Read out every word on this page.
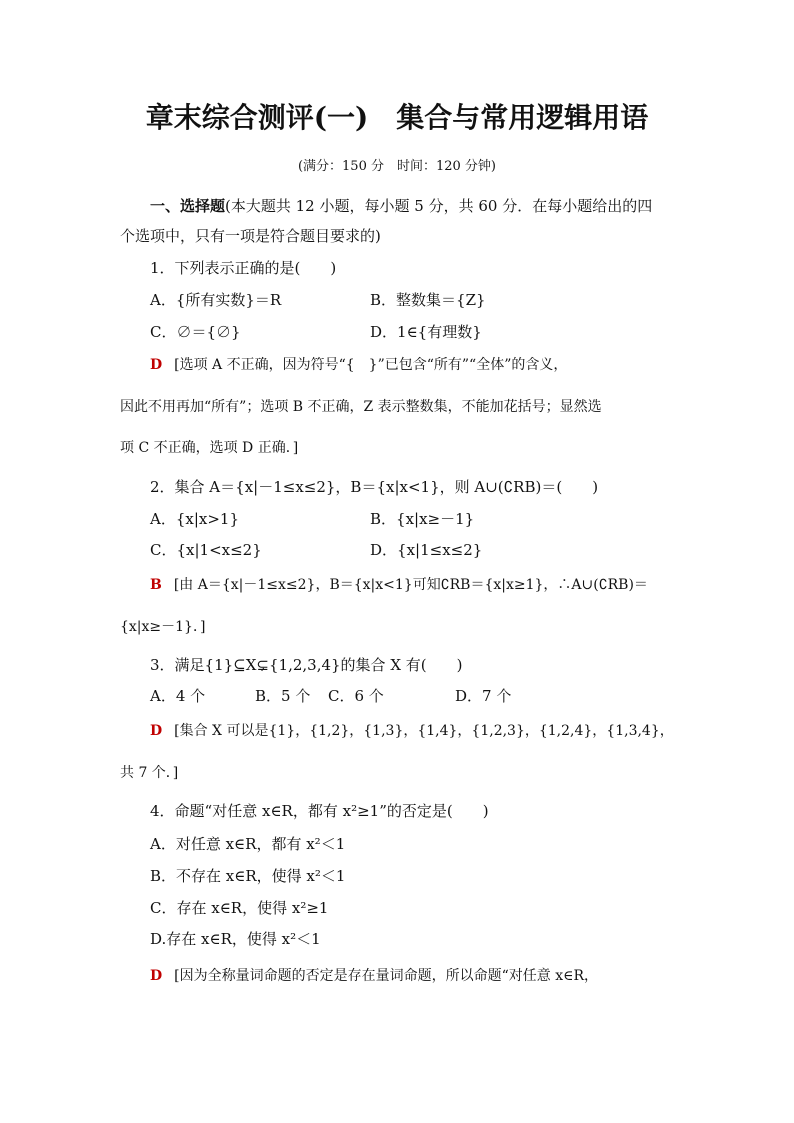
章末综合测评(一)　集合与常用逻辑用语
(满分：150 分　时间：120 分钟)
一、选择题(本大题共 12 小题，每小题 5 分，共 60 分．在每小题给出的四
个选项中，只有一项是符合题目要求的)
1．下列表示正确的是(　　)
A．{所有实数}＝R	B．整数集＝{Z}
C．∅＝{∅}	D．1∈{有理数}
D [选项 A 不正确，因为符号“{　}”已包含“所有”“全体”的含义，
因此不用再加“所有”；选项 B 不正确，Z 表示整数集，不能加花括号；显然选
项 C 不正确，选项 D 正确．]
2．集合 A＝{x|－1≤x≤2}，B＝{x|x<1}，则 A∪(∁RB)＝(　　)
A．{x|x>1}	B．{x|x≥－1}
C．{x|1<x≤2}	D．{x|1≤x≤2}
B [由 A＝{x|－1≤x≤2}，B＝{x|x<1}可知∁RB＝{x|x≥1}，∴A∪(∁RB)＝
{x|x≥－1}．]
3．满足{1}⊆X⊊{1,2,3,4}的集合 X 有(　　)
A．4 个	B．5 个 C．6 个	D．7 个
D [集合 X 可以是{1}，{1,2}，{1,3}，{1,4}，{1,2,3}，{1,2,4}，{1,3,4}，
共 7 个．]
4．命题“对任意 x∈R，都有 x²≥1”的否定是(　　)
A．对任意 x∈R，都有 x²＜1
B．不存在 x∈R，使得 x²＜1
C．存在 x∈R，使得 x²≥1
D.存在 x∈R，使得 x²＜1
D [因为全称量词命题的否定是存在量词命题，所以命题“对任意 x∈R，
